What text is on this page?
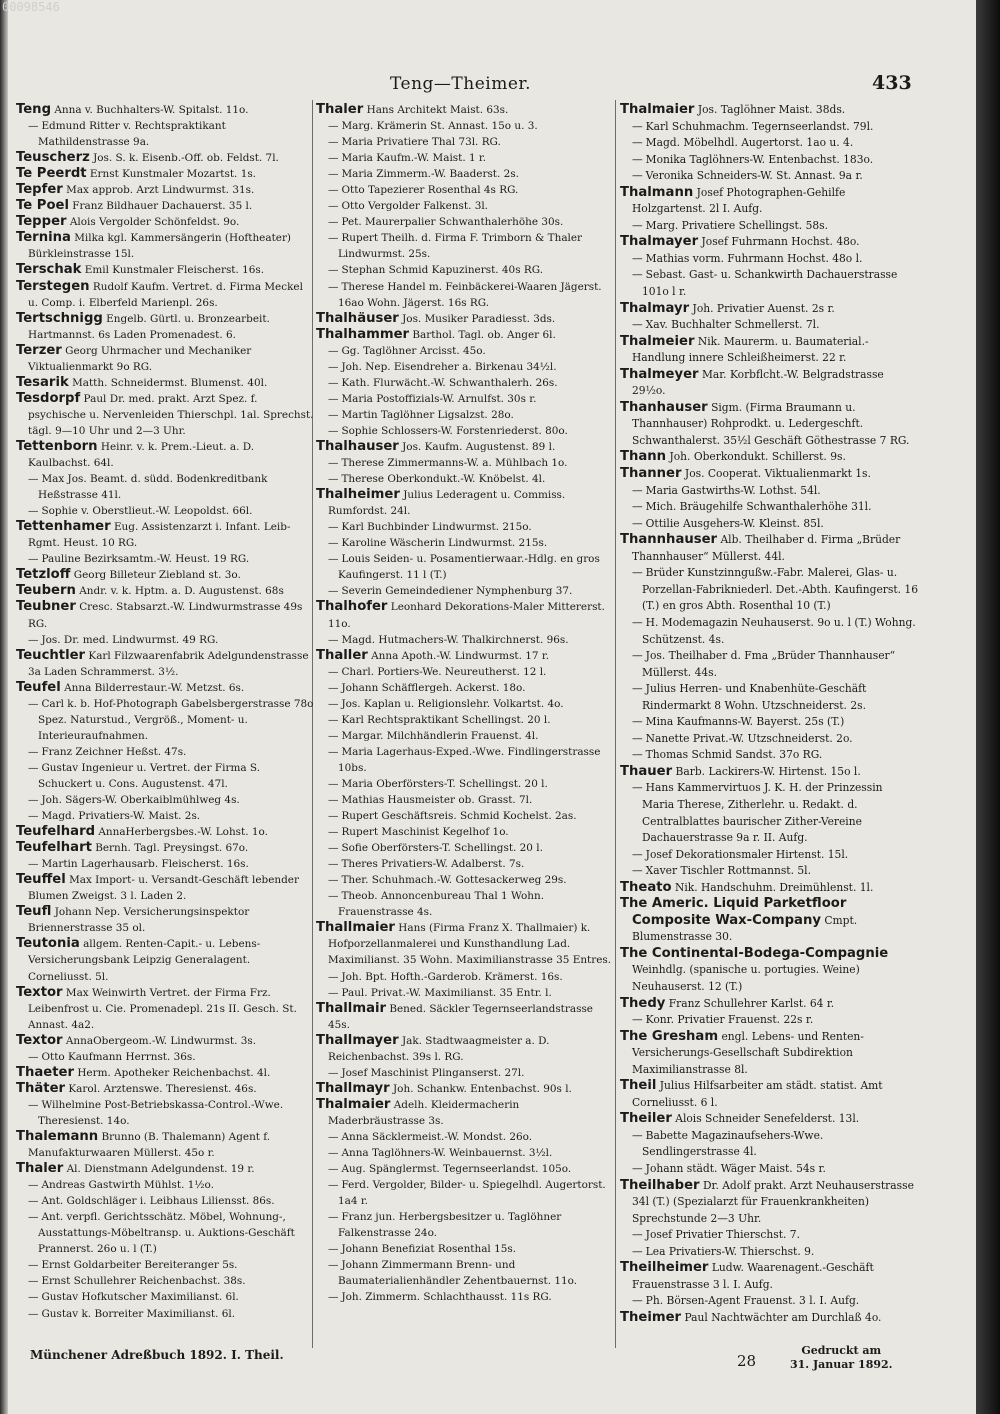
00098546
Teng—Theimer.	433
Teng Anna v. Buchhalters-W. Spitalst. 11o.
— Edmund Ritter v. Rechtspraktikant Mathildenstrasse 9a.
Teuscherz Jos. S. k. Eisenb.-Off. ob. Feldst. 7l.
Te Peerdt Ernst Kunstmaler Mozartst. 1s.
Tepfer Max approb. Arzt Lindwurmst. 31s.
Te Poel Franz Bildhauer Dachauerst. 35 l.
Tepper Alois Vergolder Schönfeldst. 9o.
Ternina Milka kgl. Kammersängerin (Hoftheater) Bürkleinstrasse 15l.
Terschak Emil Kunstmaler Fleischerst. 16s.
Terstegen Rudolf Kaufm. Vertret. d. Firma Meckel u. Comp. i. Elberfeld Marienpl. 26s.
Tertschnigg Engelb. Gürtl. u. Bronzearbeit. Hartmannst. 6s Laden Promenadest. 6.
Terzer Georg Uhrmacher und Mechaniker Viktualienmarkt 9o RG.
Tesarik Matth. Schneidermst. Blumenst. 40l.
Tesdorpf Paul Dr. med. prakt. Arzt Spez. f. psychische u. Nervenleiden Thierschpl. 1al. Sprechst. tägl. 9—10 Uhr und 2—3 Uhr.
Tettenborn Heinr. v. k. Prem.-Lieut. a. D. Kaulbachst. 64l.
— Max Jos. Beamt. d. südd. Bodenkreditbank Heßstrasse 41l.
— Sophie v. Oberstlieut.-W. Leopoldst. 66l.
Tettenhamer Eug. Assistenzarzt i. Infant. Leib-Rgmt. Heust. 10 RG.
— Pauline Bezirksamtm.-W. Heust. 19 RG.
Tetzloff Georg Billeteur Ziebland st. 3o.
Teubern Andr. v. k. Hptm. a. D. Augustenst. 68s
Teubner Cresc. Stabsarzt.-W. Lindwurmstrasse 49s RG.
— Jos. Dr. med. Lindwurmst. 49 RG.
Teuchtler Karl Filzwaarenfabrik Adelgundenstrasse 3a Laden Schrammerst. 3½.
Teufel Anna Bilderrestaur.-W. Metzst. 6s.
— Carl k. b. Hof-Photograph Gabelsbergerstrasse 78o Spez. Naturstud., Vergröß., Moment- u. Interieuraufnahmen.
— Franz Zeichner Heßst. 47s.
— Gustav Ingenieur u. Vertret. der Firma S. Schuckert u. Cons. Augustenst. 47l.
— Joh. Sägers-W. Oberkaiblmühlweg 4s.
— Magd. Privatiers-W. Maist. 2s.
Teufelhard AnnaHerbergsbes.-W. Lohst. 1o.
Teufelhart Bernh. Tagl. Preysingst. 67o.
— Martin Lagerhausarb. Fleischerst. 16s.
Teuffel Max Import- u. Versandt-Geschäft lebender Blumen Zweigst. 3 l. Laden 2.
Teufl Johann Nep. Versicherungsinspektor Briennerstrasse 35 ol.
Teutonia allgem. Renten-Capit.- u. Lebens-Versicherungsbank Leipzig Generalagent. Corneliusst. 5l.
Textor Max Weinwirth Vertret. der Firma Frz. Leibenfrost u. Cie. Promenadepl. 21s II. Gesch. St. Annast. 4a2.
Textor AnnaObergeom.-W. Lindwurmst. 3s.
— Otto Kaufmann Herrnst. 36s.
Thaeter Herm. Apotheker Reichenbachst. 4l.
Thäter Karol. Arztenswe. Theresienst. 46s.
— Wilhelmine Post-Betriebskassa-Control.-Wwe. Theresienst. 14o.
Thalemann Brunno (B. Thalemann) Agent f. Manufakturwaaren Müllerst. 45o r.
Thaler Al. Dienstmann Adelgundenst. 19 r.
— Andreas Gastwirth Mühlst. 1½o.
— Ant. Goldschläger i. Leibhaus Liliensst. 86s.
— Ant. verpfl. Gerichtsschätz. Möbel, Wohnung-, Ausstattungs-Möbeltransp. u. Auktions-Geschäft Prannerst. 26o u. l (T.)
— Ernst Goldarbeiter Bereiteranger 5s.
— Ernst Schullehrer Reichenbachst. 38s.
— Gustav Hofkutscher Maximilianst. 6l.
— Gustav k. Borreiter Maximilianst. 6l.
Thaler Hans Architekt Maist. 63s.
— Marg. Krämerin St. Annast. 15o u. 3.
— Maria Privatiere Thal 73l. RG.
— Maria Kaufm.-W. Maist. 1 r.
— Maria Zimmerm.-W. Baaderst. 2s.
— Otto Tapezierer Rosenthal 4s RG.
— Otto Vergolder Falkenst. 3l.
— Pet. Maurerpalier Schwanthalerhöhe 30s.
— Rupert Theilh. d. Firma F. Trimborn & Thaler Lindwurmst. 25s.
— Stephan Schmid Kapuzinerst. 40s RG.
— Therese Handel m. Feinbäckerei-Waaren Jägerst. 16ao Wohn. Jägerst. 16s RG.
Thalhäuser Jos. Musiker Paradiesst. 3ds.
Thalhammer Barthol. Tagl. ob. Anger 6l.
— Gg. Taglöhner Arcisst. 45o.
— Joh. Nep. Eisendreher a. Birkenau 34½l.
— Kath. Flurwächt.-W. Schwanthalerh. 26s.
— Maria Postoffizials-W. Arnulfst. 30s r.
— Martin Taglöhner Ligsalzst. 28o.
— Sophie Schlossers-W. Forstenriederst. 80o.
Thalhauser Jos. Kaufm. Augustenst. 89 l.
— Therese Zimmermanns-W. a. Mühlbach 1o.
— Therese Oberkondukt.-W. Knöbelst. 4l.
Thalheimer Julius Lederagent u. Commiss. Rumfordst. 24l.
— Karl Buchbinder Lindwurmst. 215o.
— Karoline Wäscherin Lindwurmst. 215s.
— Louis Seiden- u. Posamentierwaar.-Hdlg. en gros Kaufingerst. 11 l (T.)
— Severin Gemeindediener Nymphenburg 37.
Thalhofer Leonhard Dekorations-Maler Mittererst. 11o.
— Magd. Hutmachers-W. Thalkirchnerst. 96s.
Thaller Anna Apoth.-W. Lindwurmst. 17 r.
— Charl. Portiers-We. Neureutherst. 12 l.
— Johann Schäfflergeh. Ackerst. 18o.
— Jos. Kaplan u. Religionslehr. Volkartst. 4o.
— Karl Rechtspraktikant Schellingst. 20 l.
— Margar. Milchhändlerin Frauenst. 4l.
— Maria Lagerhaus-Exped.-Wwe. Findlingerstrasse 10bs.
— Maria Oberförsters-T. Schellingst. 20 l.
— Mathias Hausmeister ob. Grasst. 7l.
— Rupert Geschäftsreis. Schmid Kochelst. 2as.
— Rupert Maschinist Kegelhof 1o.
— Sofie Oberförsters-T. Schellingst. 20 l.
— Theres Privatiers-W. Adalberst. 7s.
— Ther. Schuhmach.-W. Gottesackerweg 29s.
— Theob. Annoncenbureau Thal 1 Wohn. Frauenstrasse 4s.
Thallmaier Hans (Firma Franz X. Thallmaier) k. Hofporzellanmalerei und Kunsthandlung Lad. Maximilianst. 35 Wohn. Maximilianstrasse 35 Entres.
— Joh. Bpt. Hofth.-Garderob. Krämerst. 16s.
— Paul. Privat.-W. Maximilianst. 35 Entr. l.
Thallmair Bened. Säckler Tegernseerlandstrasse 45s.
Thallmayer Jak. Stadtwaagmeister a. D. Reichenbachst. 39s l. RG.
— Josef Maschinist Plinganserst. 27l.
Thallmayr Joh. Schankw. Entenbachst. 90s l.
Thalmaier Adelh. Kleidermacherin Maderbräustrasse 3s.
— Anna Säcklermeist.-W. Mondst. 26o.
— Anna Taglöhners-W. Weinbauernst. 3½l.
— Aug. Spänglermst. Tegernseerlandst. 105o.
— Ferd. Vergolder, Bilder- u. Spiegelhdl. Augertorst. 1a4 r.
— Franz jun. Herbergsbesitzer u. Taglöhner Falkenstrasse 24o.
— Johann Benefiziat Rosenthal 15s.
— Johann Zimmermann Brenn- und Baumaterialienhändler Zehentbauernst. 11o.
— Joh. Zimmerm. Schlachthausst. 11s RG.
Thalmaier Jos. Taglöhner Maist. 38ds.
— Karl Schuhmachm. Tegernseerlandst. 79l.
— Magd. Möbelhdl. Augertorst. 1ao u. 4.
— Monika Taglöhners-W. Entenbachst. 183o.
— Veronika Schneiders-W. St. Annast. 9a r.
Thalmann Josef Photographen-Gehilfe Holzgartenst. 2l I. Aufg.
— Marg. Privatiere Schellingst. 58s.
Thalmayer Josef Fuhrmann Hochst. 48o.
— Mathias vorm. Fuhrmann Hochst. 48o l.
— Sebast. Gast- u. Schankwirth Dachauerstrasse 101o l r.
Thalmayr Joh. Privatier Auenst. 2s r.
— Xav. Buchhalter Schmellerst. 7l.
Thalmeier Nik. Maurerm. u. Baumaterial.-Handlung innere Schleißheimerst. 22 r.
Thalmeyer Mar. Korbflcht.-W. Belgradstrasse 29½o.
Thanhauser Sigm. (Firma Braumann u. Thannhauser) Rohprodkt. u. Ledergeschft. Schwanthalerst. 35½l Geschäft Göthestrasse 7 RG.
Thann Joh. Oberkondukt. Schillerst. 9s.
Thanner Jos. Cooperat. Viktualienmarkt 1s.
— Maria Gastwirths-W. Lothst. 54l.
— Mich. Bräugehilfe Schwanthalerhöhe 31l.
— Ottilie Ausgehers-W. Kleinst. 85l.
Thannhauser Alb. Theilhaber d. Firma „Brüder Thannhauser“ Müllerst. 44l.
— Brüder Kunstzinngußw.-Fabr. Malerei, Glas- u. Porzellan-Fabrikniederl. Det.-Abth. Kaufingerst. 16 (T.) en gros Abth. Rosenthal 10 (T.)
— H. Modemagazin Neuhauserst. 9o u. l (T.) Wohng. Schützenst. 4s.
— Jos. Theilhaber d. Fma „Brüder Thannhauser“ Müllerst. 44s.
— Julius Herren- und Knabenhüte-Geschäft Rindermarkt 8 Wohn. Utzschneiderst. 2s.
— Mina Kaufmanns-W. Bayerst. 25s (T.)
— Nanette Privat.-W. Utzschneiderst. 2o.
— Thomas Schmid Sandst. 37o RG.
Thauer Barb. Lackirers-W. Hirtenst. 15o l.
— Hans Kammervirtuos J. K. H. der Prinzessin Maria Therese, Zitherlehr. u. Redakt. d. Centralblattes baurischer Zither-Vereine Dachauerstrasse 9a r. II. Aufg.
— Josef Dekorationsmaler Hirtenst. 15l.
— Xaver Tischler Rottmannst. 5l.
Theato Nik. Handschuhm. Dreimühlenst. 1l.
The Americ. Liquid Parketfloor Composite Wax-Company Cmpt. Blumenstrasse 30.
The Continental-Bodega-Compagnie Weinhdlg. (spanische u. portugies. Weine) Neuhauserst. 12 (T.)
Thedy Franz Schullehrer Karlst. 64 r.
— Konr. Privatier Frauenst. 22s r.
The Gresham engl. Lebens- und Renten-Versicherungs-Gesellschaft Subdirektion Maximilianstrasse 8l.
Theil Julius Hilfsarbeiter am städt. statist. Amt Corneliusst. 6 l.
Theiler Alois Schneider Senefelderst. 13l.
— Babette Magazinaufsehers-Wwe. Sendlingerstrasse 4l.
— Johann städt. Wäger Maist. 54s r.
Theilhaber Dr. Adolf prakt. Arzt Neuhauserstrasse 34l (T.) (Spezialarzt für Frauenkrankheiten) Sprechstunde 2—3 Uhr.
— Josef Privatier Thierschst. 7.
— Lea Privatiers-W. Thierschst. 9.
Theilheimer Ludw. Waarenagent.-Geschäft Frauenstrasse 3 l. I. Aufg.
— Ph. Börsen-Agent Frauenst. 3 l. I. Aufg.
Theimer Paul Nachtwächter am Durchlaß 4o.
Münchener Adreßbuch 1892. I. Theil.	28
Gedruckt am
31. Januar 1892.
